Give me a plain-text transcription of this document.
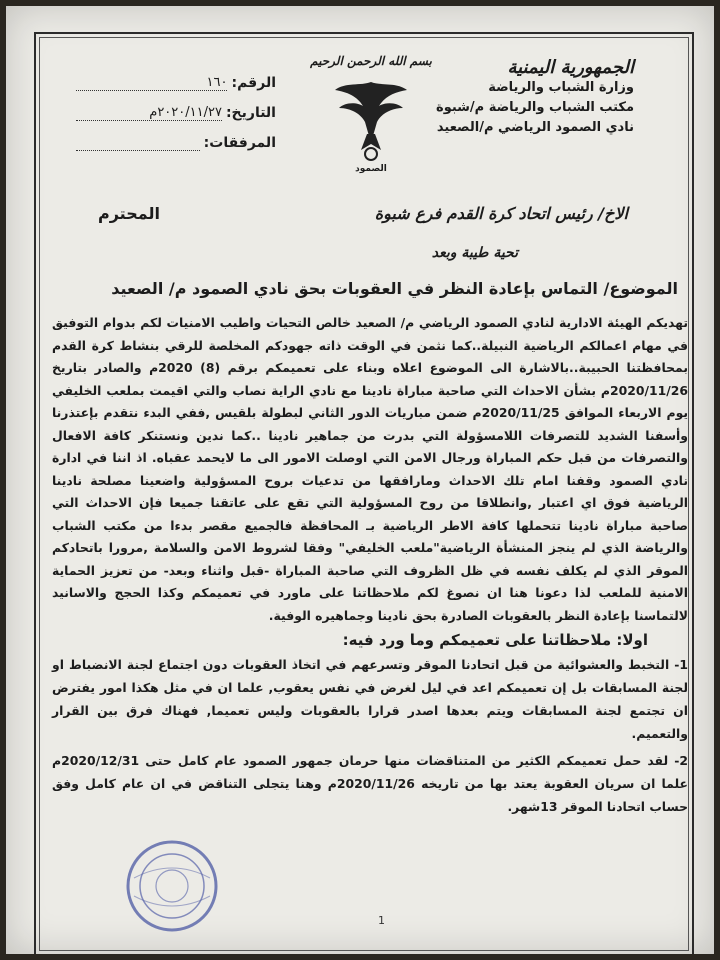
الجمهورية اليمنية
وزارة الشباب والرياضة
مكتب الشباب والرياضة م/شبوة
نادي الصمود الرياضي م/الصعيد
بسم الله الرحمن الرحيم
الصمود
الرقم:
١٦٠
التاريخ:
٢٠٢٠/١١/٢٧م
المرفقات:
الاخ/ رئيس اتحاد كرة القدم فرع شبوة
المحترم
تحية طيبة وبعد
الموضوع/ التماس بإعادة النظر في العقوبات بحق نادي الصمود م/ الصعيد
تهديكم الهيئة الادارية لنادي الصمود الرياضي م/ الصعيد خالص التحيات واطيب الامنيات لكم بدوام التوفيق في مهام اعمالكم الرياضية النبيلة..كما نثمن في الوقت ذاته جهودكم المخلصة للرقي بنشاط كرة القدم بمحافظتنا الحبيبة..بالاشارة الى الموضوع اعلاه وبناء على تعميمكم برقم (8) 2020م والصادر بتاريخ 2020/11/26م بشأن الاحداث التي صاحبة مباراة نادينا مع نادي الراية نصاب والتي اقيمت بملعب الخليفي يوم الاربعاء الموافق 2020/11/25م ضمن مباريات الدور الثاني لبطولة بلقيس ,ففي البدء نتقدم بإعتذرنا وأسفنا الشديد للتصرفات اللامسؤولة التي بدرت من جماهير نادينا ..كما ندين ونستنكر كافة الافعال والتصرفات من قبل حكم المباراة ورجال الامن التي اوصلت الامور الى ما لايحمد عقباه. اذ اننا في ادارة نادي الصمود وقفنا امام تلك الاحداث ومارافقها من تدعيات بروح المسؤولية واضعينا مصلحة نادينا الرياضية فوق اي اعتبار ,وانطلاقا من روح المسؤولية التي تقع على عاتقنا جميعا فإن الاحداث التي صاحبة مباراة نادينا تتحملها كافة الاطر الرياضية بـ المحافظة فالجميع مقصر بدءا من مكتب الشباب والرياضة الذي لم ينجز المنشأة الرياضية"ملعب الخليفي" وفقا لشروط الامن والسلامة ,مرورا باتحادكم الموقر الذي لم يكلف نفسه في ظل الظروف التي صاحبة المباراة -قبل واثناء وبعد- من تعزيز الحماية الامنية للملعب لذا دعونا هنا ان نصوغ لكم ملاحظاتنا على ماورد في تعميمكم وكذا الحجج والاسانيد لالتماسنا بإعادة النظر بالعقوبات الصادرة بحق نادينا وجماهيره الوفية.
اولا: ملاحظاتنا على تعميمكم وما ورد فيه:
1- التخبط والعشوائية من قبل اتحادنا الموقر وتسرعهم في اتخاذ العقوبات دون اجتماع لجنة الانضباط او لجنة المسابقات بل إن تعميمكم اعد في ليل لغرض في نفس يعقوب, علما ان في مثل هكذا امور يفترض ان تجتمع لجنة المسابقات ويتم بعدها اصدر قرارا بالعقوبات وليس تعميما, فهناك فرق بين القرار والتعميم.
2- لقد حمل تعميمكم الكثير من المتناقضات منها حرمان جمهور الصمود عام كامل حتى 2020/12/31م علما ان سريان العقوبة يعتد بها من تاريخه 2020/11/26م وهنا يتجلى التناقض في ان عام كامل وفق حساب اتحادنا الموقر 13شهر.
1
